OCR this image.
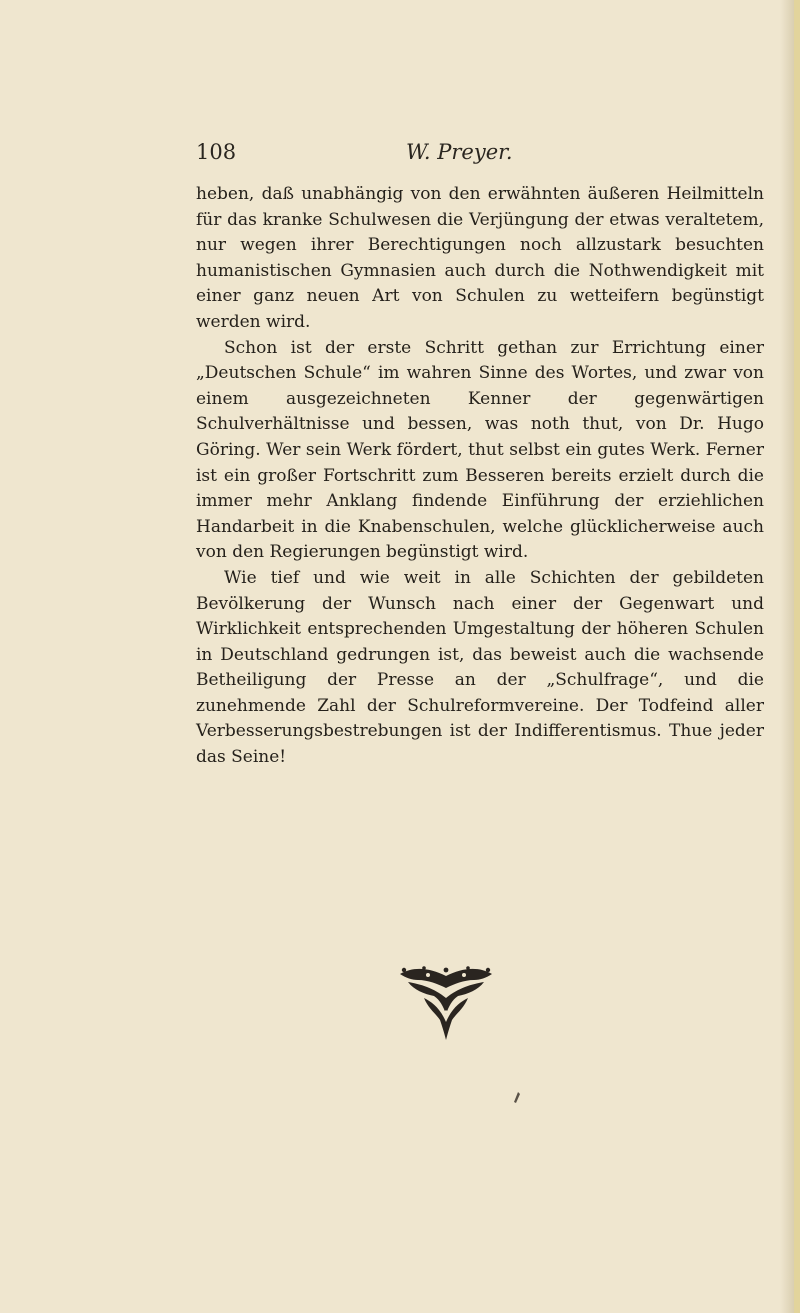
108	W. Preyer.

heben, daß unabhängig von den erwähnten äußeren Heilmitteln für das kranke Schulwesen die Verjüngung der etwas veraltetem, nur wegen ihrer Berechtigungen noch allzustark besuchten humanistischen Gymnasien auch durch die Nothwendigkeit mit einer ganz neuen Art von Schulen zu wetteifern begünstigt werden wird.

Schon ist der erste Schritt gethan zur Errichtung einer „Deutschen Schule“ im wahren Sinne des Wortes, und zwar von einem ausgezeichneten Kenner der gegenwärtigen Schulverhältnisse und bessen, was noth thut, von Dr. Hugo Göring. Wer sein Werk fördert, thut selbst ein gutes Werk. Ferner ist ein großer Fortschritt zum Besseren bereits erzielt durch die immer mehr Anklang findende Einführung der erziehlichen Handarbeit in die Knabenschulen, welche glücklicherweise auch von den Regierungen begünstigt wird.

Wie tief und wie weit in alle Schichten der gebildeten Bevölkerung der Wunsch nach einer der Gegenwart und Wirklichkeit entsprechenden Umgestaltung der höheren Schulen in Deutschland gedrungen ist, das beweist auch die wachsende Betheiligung der Presse an der „Schulfrage“, und die zunehmende Zahl der Schulreformvereine. Der Todfeind aller Verbesserungsbestrebungen ist der Indifferentismus. Thue jeder das Seine!
